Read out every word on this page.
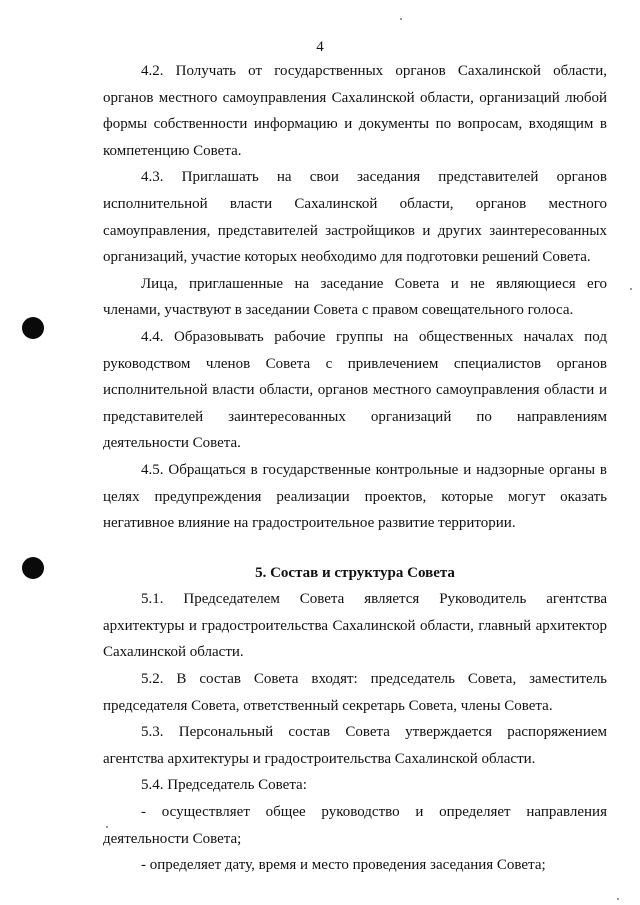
4

4.2. Получать от государственных органов Сахалинской области, органов местного самоуправления Сахалинской области, организаций любой формы собственности информацию и документы по вопросам, входящим в компетенцию Совета.

4.3. Приглашать на свои заседания представителей органов исполнительной власти Сахалинской области, органов местного самоуправления, представителей застройщиков и других заинтересованных организаций, участие которых необходимо для подготовки решений Совета.

Лица, приглашенные на заседание Совета и не являющиеся его членами, участвуют в заседании Совета с правом совещательного голоса.

4.4. Образовывать рабочие группы на общественных началах под руководством членов Совета с привлечением специалистов органов исполнительной власти области, органов местного самоуправления области и представителей заинтересованных организаций по направлениям деятельности Совета.

4.5. Обращаться в государственные контрольные и надзорные органы в целях предупреждения реализации проектов, которые могут оказать негативное влияние на градостроительное развитие территории.

5. Состав и структура Совета

5.1. Председателем Совета является Руководитель агентства архитектуры и градостроительства Сахалинской области, главный архитектор Сахалинской области.

5.2. В состав Совета входят: председатель Совета, заместитель председателя Совета, ответственный секретарь Совета, члены Совета.

5.3. Персональный состав Совета утверждается распоряжением агентства архитектуры и градостроительства Сахалинской области.

5.4. Председатель Совета:

- осуществляет общее руководство и определяет направления деятельности Совета;

- определяет дату, время и место проведения заседания Совета;
